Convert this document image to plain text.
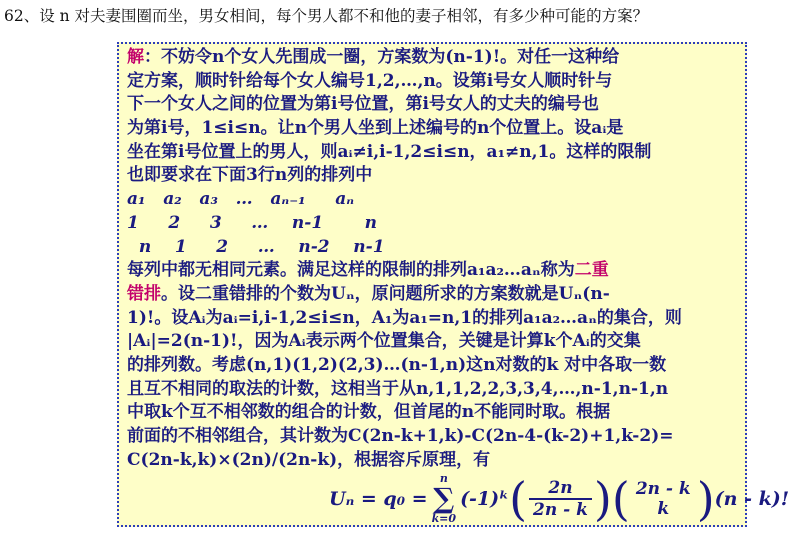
62、设 n 对夫妻围圈而坐，男女相间，每个男人都不和他的妻子相邻，有多少种可能的方案？
解：不妨令n个女人先围成一圈，方案数为(n-1)!。对任一这种给
定方案，顺时针给每个女人编号1,2,…,n。设第i号女人顺时针与
下一个女人之间的位置为第i号位置，第i号女人的丈夫的编号也
为第i号，1≤i≤n。让n个男人坐到上述编号的n个位置上。设aᵢ是
坐在第i号位置上的男人，则aᵢ≠i,i-1,2≤i≤n，a₁≠n,1。这样的限制
也即要求在下面3行n列的排列中
a₁   a₂   a₃   …   aₙ₋₁     aₙ
1     2     3     …    n-1       n
n    1     2     …    n-2    n-1
每列中都无相同元素。满足这样的限制的排列a₁a₂…aₙ称为二重
错排。设二重错排的个数为Uₙ，原问题所求的方案数就是Uₙ(n-
1)!。设Aᵢ为aᵢ=i,i-1,2≤i≤n，A₁为a₁=n,1的排列a₁a₂…aₙ的集合，则
|Aᵢ|=2(n-1)!，因为Aᵢ表示两个位置集合，关键是计算k个Aᵢ的交集
的排列数。考虑(n,1)(1,2)(2,3)…(n-1,n)这n对数的k 对中各取一数
且互不相同的取法的计数，这相当于从n,1,1,2,2,3,3,4,…,n-1,n-1,n
中取k个互不相邻数的组合的计数，但首尾的n不能同时取。根据
前面的不相邻组合，其计数为C(2n-k+1,k)-C(2n-4-(k-2)+1,k-2)=
C(2n-k,k)×(2n)/(2n-k)，根据容斥原理，有
Uₙ = q₀ =
n
∑
k=0
(-1)ᵏ ( $\frac{2n}{2n - k}$ ) ( 2n - k
k ) (n - k)!
